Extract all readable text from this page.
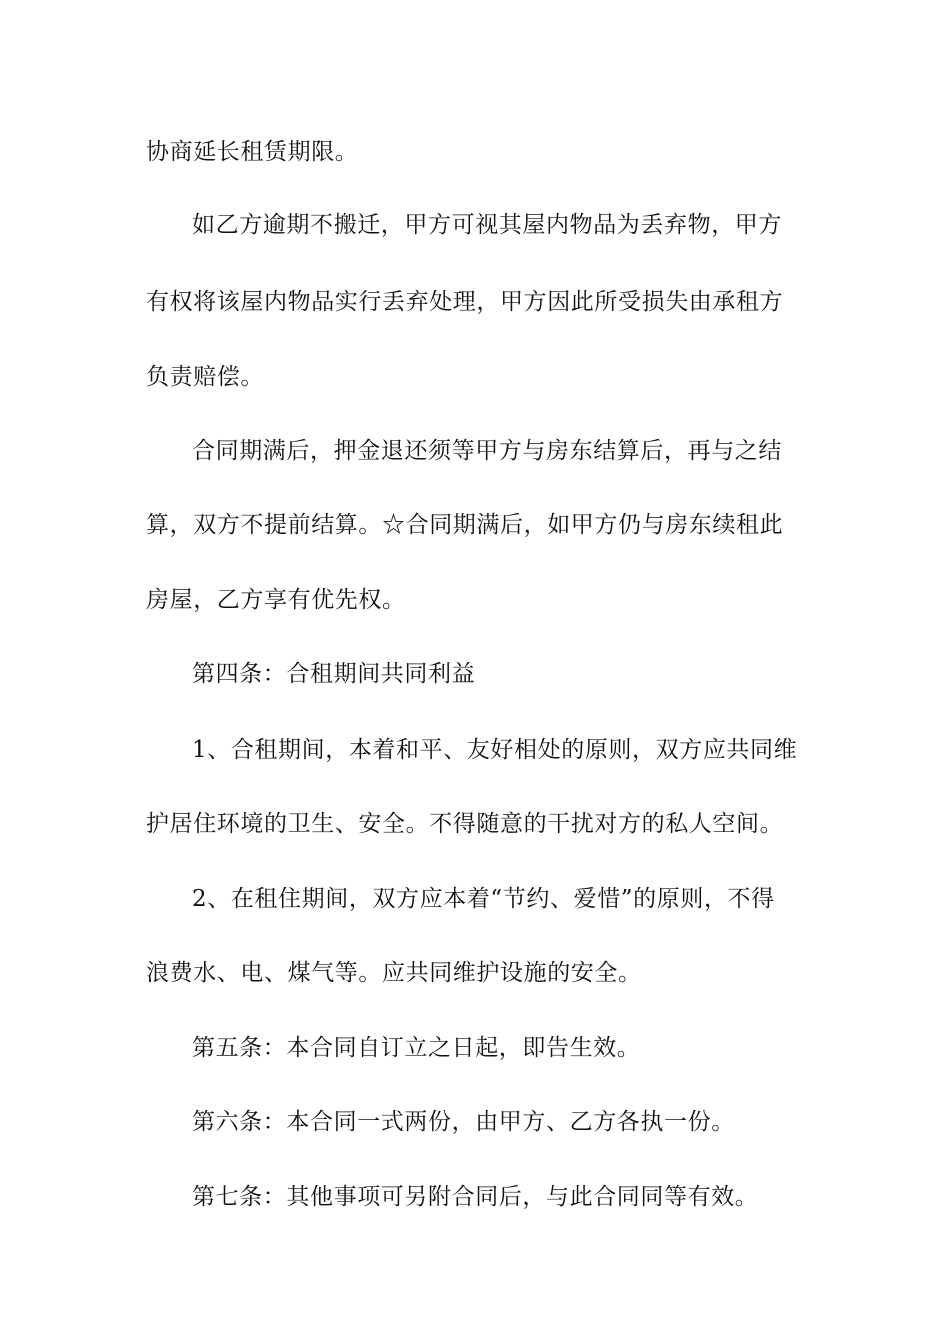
协商延长租赁期限。
如乙方逾期不搬迁，甲方可视其屋内物品为丢弃物，甲方
有权将该屋内物品实行丢弃处理，甲方因此所受损失由承租方
负责赔偿。
合同期满后，押金退还须等甲方与房东结算后，再与之结
算，双方不提前结算。☆合同期满后，如甲方仍与房东续租此
房屋，乙方享有优先权。
第四条：合租期间共同利益
1、合租期间，本着和平、友好相处的原则，双方应共同维
护居住环境的卫生、安全。不得随意的干扰对方的私人空间。
2、在租住期间，双方应本着“节约、爱惜”的原则，不得
浪费水、电、煤气等。应共同维护设施的安全。
第五条：本合同自订立之日起，即告生效。
第六条：本合同一式两份，由甲方、乙方各执一份。
第七条：其他事项可另附合同后，与此合同同等有效。
